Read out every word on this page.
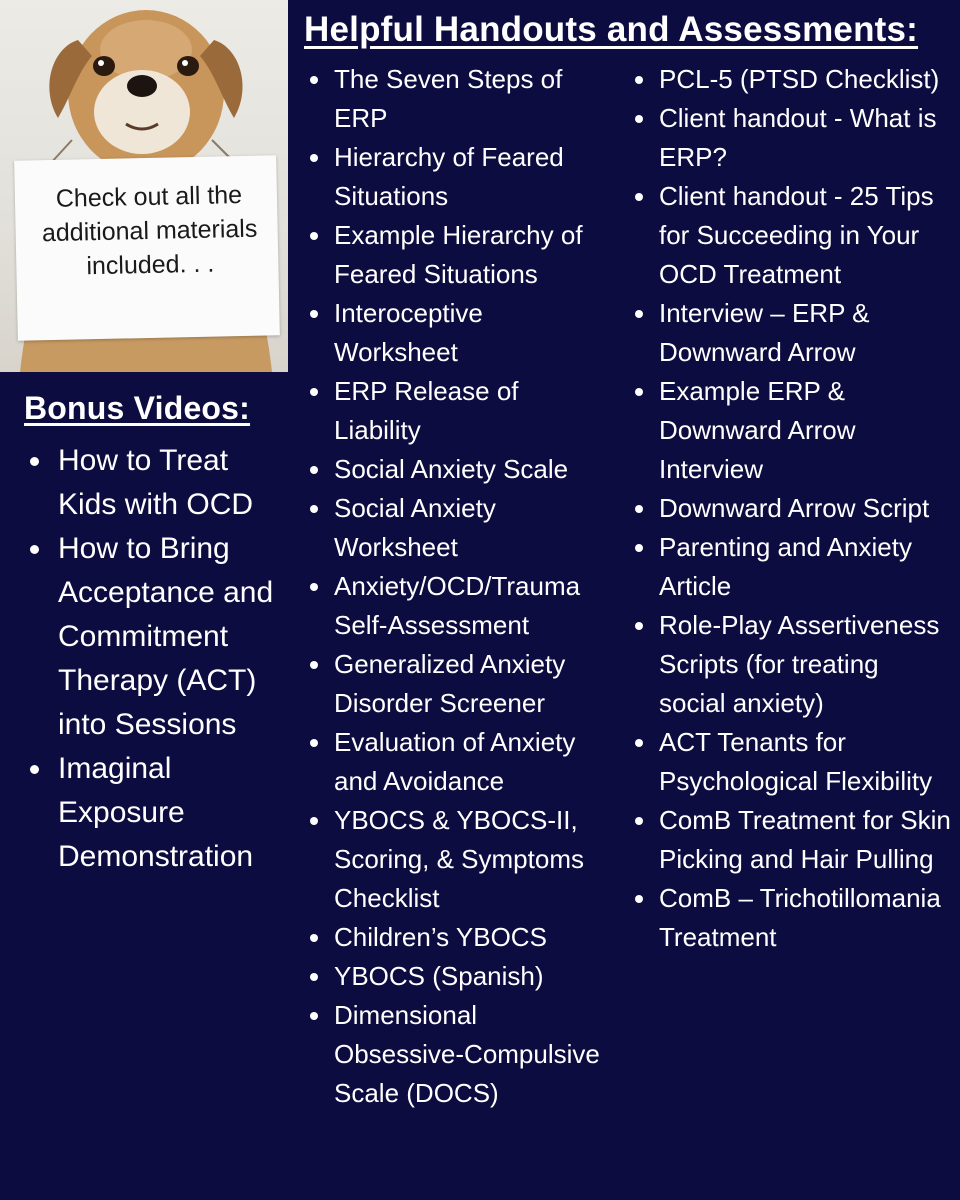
Check out all the additional materials included. . .
Bonus Videos:
How to Treat Kids with OCD
How to Bring Acceptance and Commitment Therapy (ACT) into Sessions
Imaginal Exposure Demonstration
Helpful Handouts and Assessments:
The Seven Steps of ERP
Hierarchy of Feared Situations
Example Hierarchy of Feared Situations
Interoceptive Worksheet
ERP Release of Liability
Social Anxiety Scale
Social Anxiety Worksheet
Anxiety/OCD/Trauma Self-Assessment
Generalized Anxiety Disorder Screener
Evaluation of Anxiety and Avoidance
YBOCS & YBOCS-II, Scoring, & Symptoms Checklist
Children’s YBOCS
YBOCS (Spanish)
Dimensional Obsessive-Compulsive Scale (DOCS)
PCL-5 (PTSD Checklist)
Client handout - What is ERP?
Client handout - 25 Tips for Succeeding in Your OCD Treatment
Interview – ERP & Downward Arrow
Example ERP & Downward Arrow Interview
Downward Arrow Script
Parenting and Anxiety Article
Role-Play Assertiveness Scripts (for treating social anxiety)
ACT Tenants for Psychological Flexibility
ComB Treatment for Skin Picking and Hair Pulling
ComB – Trichotillomania Treatment
